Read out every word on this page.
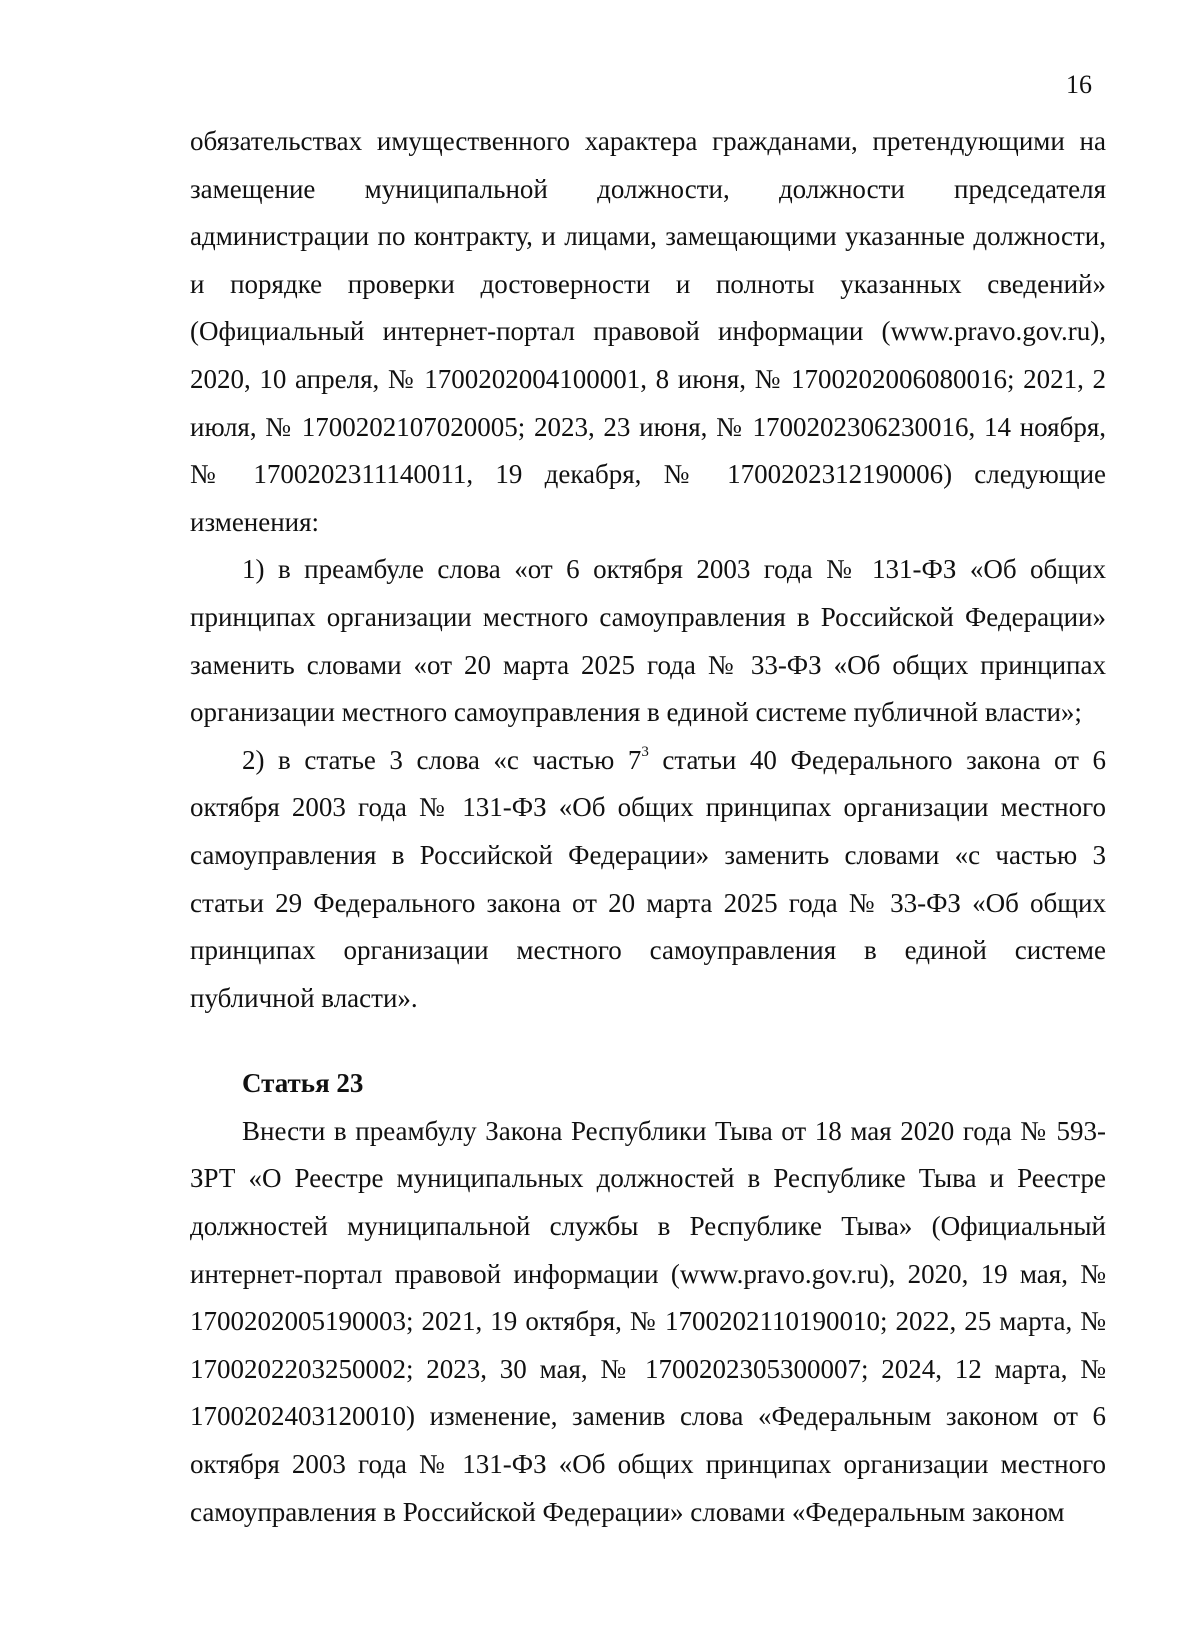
16

обязательствах имущественного характера гражданами, претендующими на замещение муниципальной должности, должности председателя администрации по контракту, и лицами, замещающими указанные должности, и порядке проверки достоверности и полноты указанных сведений» (Официальный интернет-портал правовой информации (www.pravo.gov.ru), 2020, 10 апреля, № 1700202004100001, 8 июня, № 1700202006080016; 2021, 2 июля, № 1700202107020005; 2023, 23 июня, № 1700202306230016, 14 ноября, № 1700202311140011, 19 декабря, № 1700202312190006) следующие изменения:

1) в преамбуле слова «от 6 октября 2003 года № 131-ФЗ «Об общих принципах организации местного самоуправления в Российской Федерации» заменить словами «от 20 марта 2025 года № 33-ФЗ «Об общих принципах организации местного самоуправления в единой системе публичной власти»;

2) в статье 3 слова «с частью $7^3$ статьи 40 Федерального закона от 6 октября 2003 года № 131-ФЗ «Об общих принципах организации местного самоуправления в Российской Федерации» заменить словами «с частью 3 статьи 29 Федерального закона от 20 марта 2025 года № 33-ФЗ «Об общих принципах организации местного самоуправления в единой системе публичной власти».

Статья 23

Внести в преамбулу Закона Республики Тыва от 18 мая 2020 года № 593-ЗРТ «О Реестре муниципальных должностей в Республике Тыва и Реестре должностей муниципальной службы в Республике Тыва» (Официальный интернет-портал правовой информации (www.pravo.gov.ru), 2020, 19 мая, № 1700202005190003; 2021, 19 октября, № 1700202110190010; 2022, 25 марта, № 1700202203250002; 2023, 30 мая, № 1700202305300007; 2024, 12 марта, № 1700202403120010) изменение, заменив слова «Федеральным законом от 6 октября 2003 года № 131-ФЗ «Об общих принципах организации местного самоуправления в Российской Федерации» словами «Федеральным законом
